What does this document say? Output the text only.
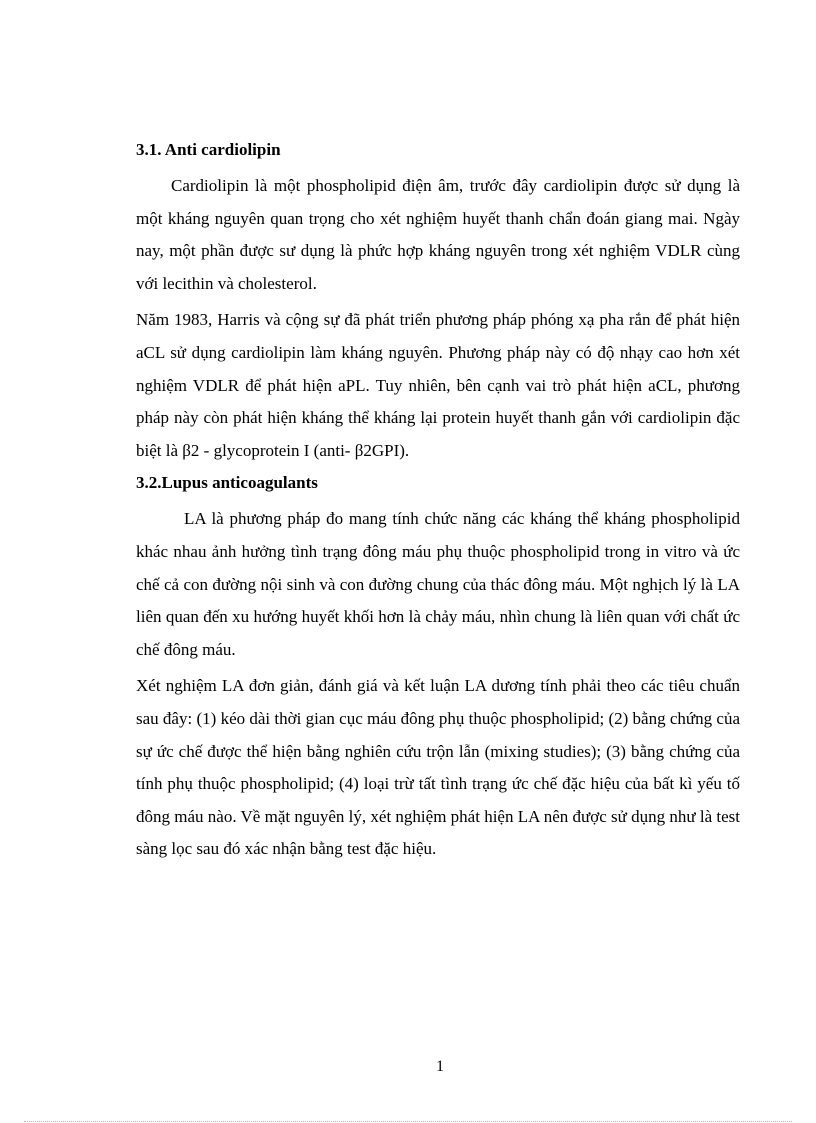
3.1. Anti cardiolipin

Cardiolipin là một phospholipid điện âm, trước đây cardiolipin được sử dụng là một kháng nguyên quan trọng cho xét nghiệm huyết thanh chẩn đoán giang mai. Ngày nay, một phần được sư dụng là phức hợp kháng nguyên trong xét nghiệm VDLR cùng với lecithin và cholesterol.

Năm 1983, Harris và cộng sự đã phát triển phương pháp phóng xạ pha rắn để phát hiện aCL sử dụng cardiolipin làm kháng nguyên. Phương pháp này có độ nhạy cao hơn xét nghiệm VDLR để phát hiện aPL. Tuy nhiên, bên cạnh vai trò phát hiện aCL, phương pháp này còn phát hiện kháng thể kháng lại protein huyết thanh gắn với cardiolipin đặc biệt là β2 - glycoprotein I (anti- β2GPI).

3.2.Lupus anticoagulants

LA là phương pháp đo mang tính chức năng các kháng thể kháng phospholipid khác nhau ảnh hưởng tình trạng đông máu phụ thuộc phospholipid trong in vitro và ức chế cả con đường nội sinh và con đường chung của thác đông máu. Một nghịch lý là LA liên quan đến xu hướng huyết khối hơn là chảy máu, nhìn chung là liên quan với chất ức chế đông máu.

Xét nghiệm LA đơn giản, đánh giá và kết luận LA dương tính phải theo các tiêu chuẩn sau đây: (1) kéo dài thời gian cục máu đông phụ thuộc phospholipid; (2) bằng chứng của sự ức chế được thể hiện bằng nghiên cứu trộn lẫn (mixing studies); (3) bằng chứng của tính phụ thuộc phospholipid; (4) loại trừ tất tình trạng ức chế đặc hiệu của bất kì yếu tố đông máu nào. Về mặt nguyên lý, xét nghiệm phát hiện LA nên được sử dụng như là test sàng lọc sau đó xác nhận bằng test đặc hiệu.

1
